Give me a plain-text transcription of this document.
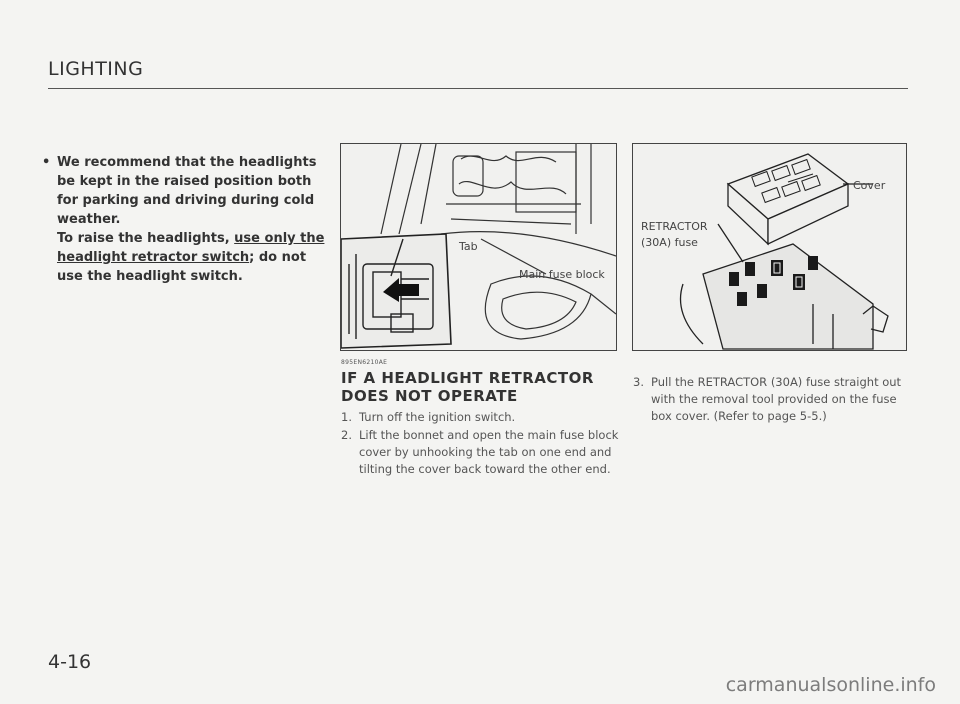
LIGHTING
• We recommend that the headlights be kept in the raised position both for parking and driving during cold weather.

To raise the headlights, use only the headlight retractor switch; do not use the headlight switch.

Tab
Main fuse block
895EN6210AE
Cover
RETRACTOR
(30A) fuse
IF A HEADLIGHT RETRACTOR DOES NOT OPERATE
1. Turn off the ignition switch.
2. Lift the bonnet and open the main fuse block cover by unhooking the tab on one end and tilting the cover back toward the other end.
3. Pull the RETRACTOR (30A) fuse straight out with the removal tool provided on the fuse box cover. (Refer to page 5-5.)
4-16
carmanualsonline.info
